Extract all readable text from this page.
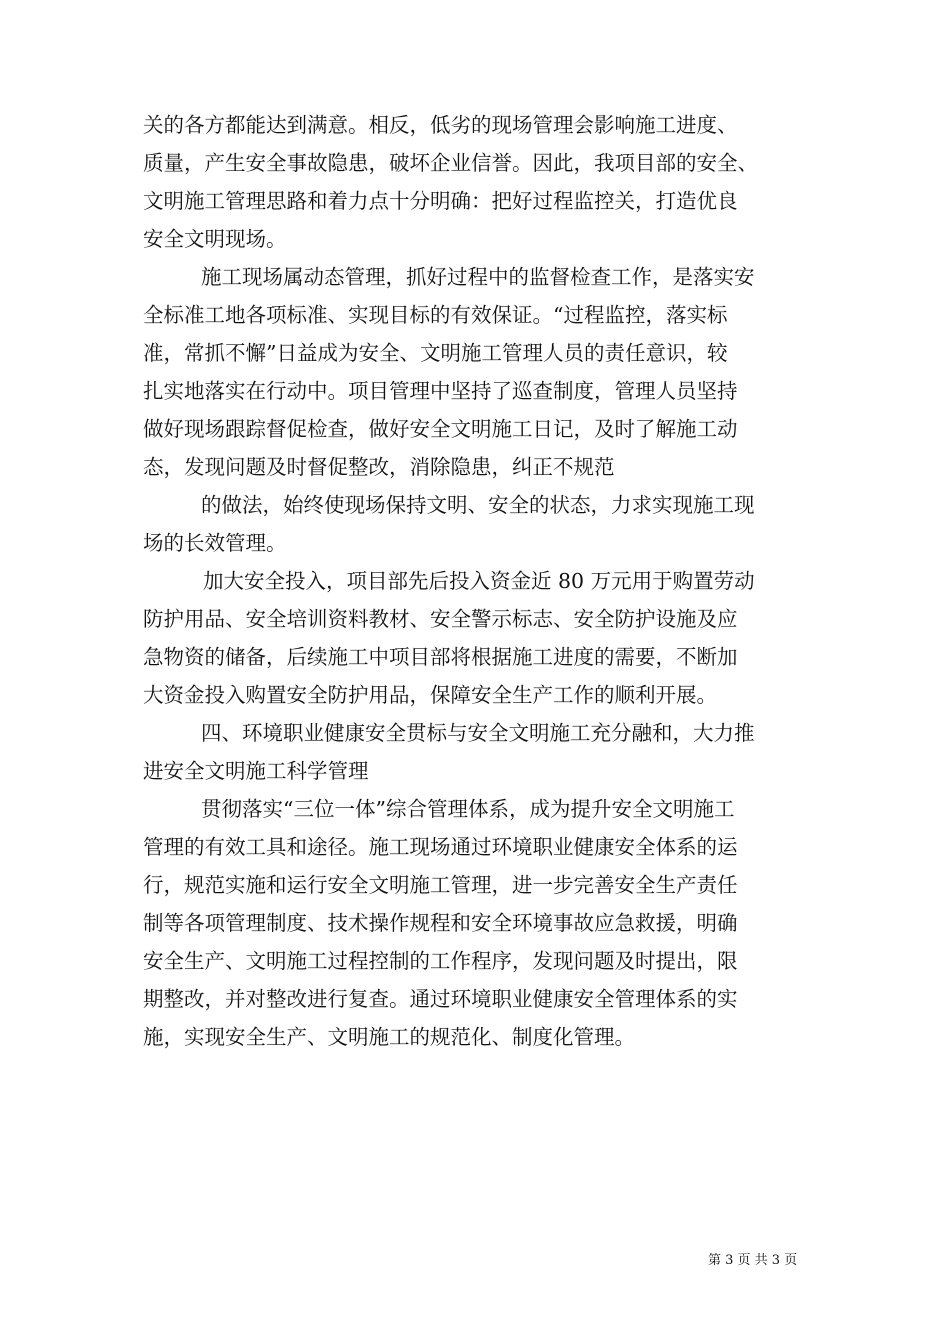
关的各方都能达到满意。相反，低劣的现场管理会影响施工进度、
质量，产生安全事故隐患，破坏企业信誉。因此，我项目部的安全、
文明施工管理思路和着力点十分明确：把好过程监控关，打造优良
安全文明现场。
施工现场属动态管理，抓好过程中的监督检查工作，是落实安
全标准工地各项标准、实现目标的有效保证。“过程监控，落实标
准，常抓不懈”日益成为安全、文明施工管理人员的责任意识，较
扎实地落实在行动中。项目管理中坚持了巡查制度，管理人员坚持
做好现场跟踪督促检查，做好安全文明施工日记，及时了解施工动
态，发现问题及时督促整改，消除隐患，纠正不规范
的做法，始终使现场保持文明、安全的状态，力求实现施工现
场的长效管理。
加大安全投入，项目部先后投入资金近 80 万元用于购置劳动
防护用品、安全培训资料教材、安全警示标志、安全防护设施及应
急物资的储备，后续施工中项目部将根据施工进度的需要，不断加
大资金投入购置安全防护用品，保障安全生产工作的顺利开展。
四、环境职业健康安全贯标与安全文明施工充分融和，大力推
进安全文明施工科学管理
贯彻落实“三位一体”综合管理体系，成为提升安全文明施工
管理的有效工具和途径。施工现场通过环境职业健康安全体系的运
行，规范实施和运行安全文明施工管理，进一步完善安全生产责任
制等各项管理制度、技术操作规程和安全环境事故应急救援，明确
安全生产、文明施工过程控制的工作程序，发现问题及时提出，限
期整改，并对整改进行复查。通过环境职业健康安全管理体系的实
施，实现安全生产、文明施工的规范化、制度化管理。
第 3 页 共 3 页
